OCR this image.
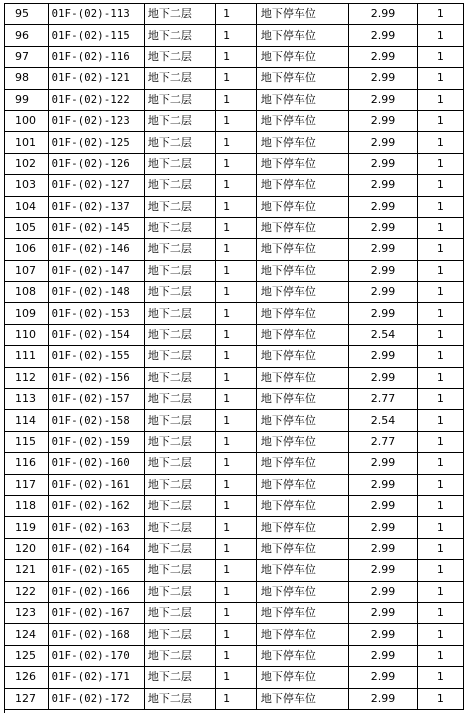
95	01F-(02)-113	地下二层	1	地下停车位	2.99	1
96	01F-(02)-115	地下二层	1	地下停车位	2.99	1
97	01F-(02)-116	地下二层	1	地下停车位	2.99	1
98	01F-(02)-121	地下二层	1	地下停车位	2.99	1
99	01F-(02)-122	地下二层	1	地下停车位	2.99	1
100	01F-(02)-123	地下二层	1	地下停车位	2.99	1
101	01F-(02)-125	地下二层	1	地下停车位	2.99	1
102	01F-(02)-126	地下二层	1	地下停车位	2.99	1
103	01F-(02)-127	地下二层	1	地下停车位	2.99	1
104	01F-(02)-137	地下二层	1	地下停车位	2.99	1
105	01F-(02)-145	地下二层	1	地下停车位	2.99	1
106	01F-(02)-146	地下二层	1	地下停车位	2.99	1
107	01F-(02)-147	地下二层	1	地下停车位	2.99	1
108	01F-(02)-148	地下二层	1	地下停车位	2.99	1
109	01F-(02)-153	地下二层	1	地下停车位	2.99	1
110	01F-(02)-154	地下二层	1	地下停车位	2.54	1
111	01F-(02)-155	地下二层	1	地下停车位	2.99	1
112	01F-(02)-156	地下二层	1	地下停车位	2.99	1
113	01F-(02)-157	地下二层	1	地下停车位	2.77	1
114	01F-(02)-158	地下二层	1	地下停车位	2.54	1
115	01F-(02)-159	地下二层	1	地下停车位	2.77	1
116	01F-(02)-160	地下二层	1	地下停车位	2.99	1
117	01F-(02)-161	地下二层	1	地下停车位	2.99	1
118	01F-(02)-162	地下二层	1	地下停车位	2.99	1
119	01F-(02)-163	地下二层	1	地下停车位	2.99	1
120	01F-(02)-164	地下二层	1	地下停车位	2.99	1
121	01F-(02)-165	地下二层	1	地下停车位	2.99	1
122	01F-(02)-166	地下二层	1	地下停车位	2.99	1
123	01F-(02)-167	地下二层	1	地下停车位	2.99	1
124	01F-(02)-168	地下二层	1	地下停车位	2.99	1
125	01F-(02)-170	地下二层	1	地下停车位	2.99	1
126	01F-(02)-171	地下二层	1	地下停车位	2.99	1
127	01F-(02)-172	地下二层	1	地下停车位	2.99	1
